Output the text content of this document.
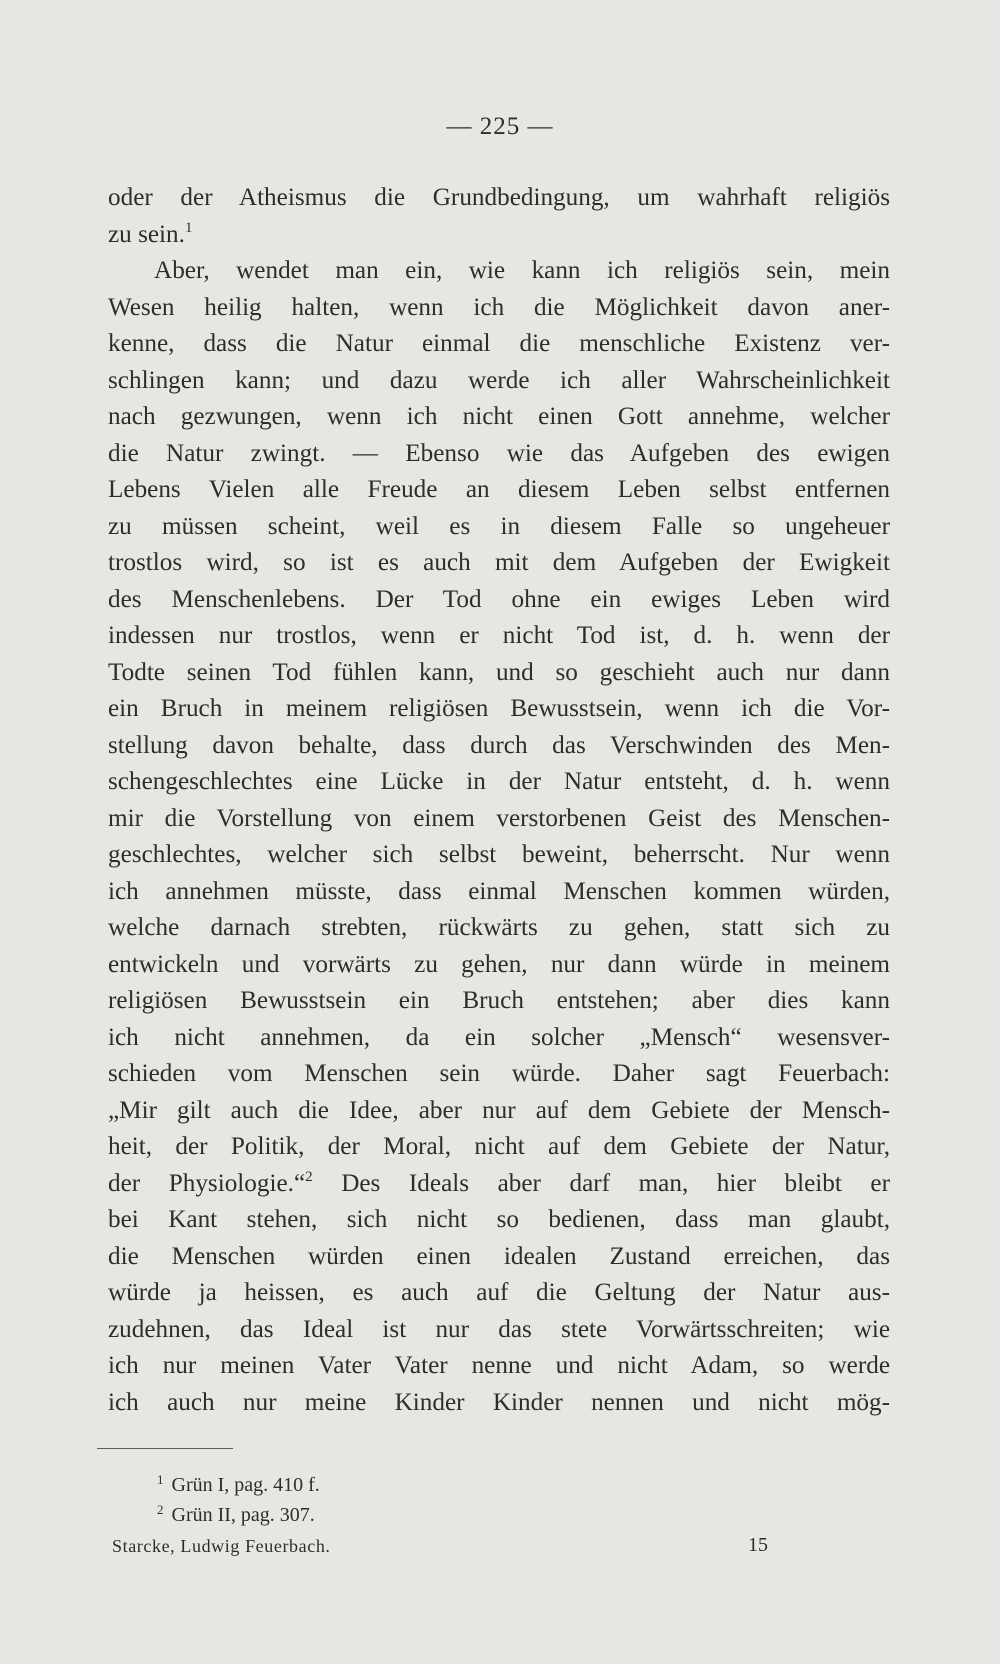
— 225 —
oder der Atheismus die Grundbedingung, um wahrhaft religiös
zu sein.$^1$
Aber, wendet man ein, wie kann ich religiös sein, mein
Wesen heilig halten, wenn ich die Möglichkeit davon aner-
kenne, dass die Natur einmal die menschliche Existenz ver-
schlingen kann; und dazu werde ich aller Wahrscheinlichkeit
nach gezwungen, wenn ich nicht einen Gott annehme, welcher
die Natur zwingt. — Ebenso wie das Aufgeben des ewigen
Lebens Vielen alle Freude an diesem Leben selbst entfernen
zu müssen scheint, weil es in diesem Falle so ungeheuer
trostlos wird, so ist es auch mit dem Aufgeben der Ewigkeit
des Menschenlebens. Der Tod ohne ein ewiges Leben wird
indessen nur trostlos, wenn er nicht Tod ist, d. h. wenn der
Todte seinen Tod fühlen kann, und so geschieht auch nur dann
ein Bruch in meinem religiösen Bewusstsein, wenn ich die Vor-
stellung davon behalte, dass durch das Verschwinden des Men-
schengeschlechtes eine Lücke in der Natur entsteht, d. h. wenn
mir die Vorstellung von einem verstorbenen Geist des Menschen-
geschlechtes, welcher sich selbst beweint, beherrscht. Nur wenn
ich annehmen müsste, dass einmal Menschen kommen würden,
welche darnach strebten, rückwärts zu gehen, statt sich zu
entwickeln und vorwärts zu gehen, nur dann würde in meinem
religiösen Bewusstsein ein Bruch entstehen; aber dies kann
ich nicht annehmen, da ein solcher „Mensch“ wesensver-
schieden vom Menschen sein würde. Daher sagt Feuerbach:
„Mir gilt auch die Idee, aber nur auf dem Gebiete der Mensch-
heit, der Politik, der Moral, nicht auf dem Gebiete der Natur,
der Physiologie.“$^2$ Des Ideals aber darf man, hier bleibt er
bei Kant stehen, sich nicht so bedienen, dass man glaubt,
die Menschen würden einen idealen Zustand erreichen, das
würde ja heissen, es auch auf die Geltung der Natur aus-
zudehnen, das Ideal ist nur das stete Vorwärtsschreiten; wie
ich nur meinen Vater Vater nenne und nicht Adam, so werde
ich auch nur meine Kinder Kinder nennen und nicht mög-
$^1$ Grün I, pag. 410 f.
$^2$ Grün II, pag. 307.
Starcke, Ludwig Feuerbach.	15
